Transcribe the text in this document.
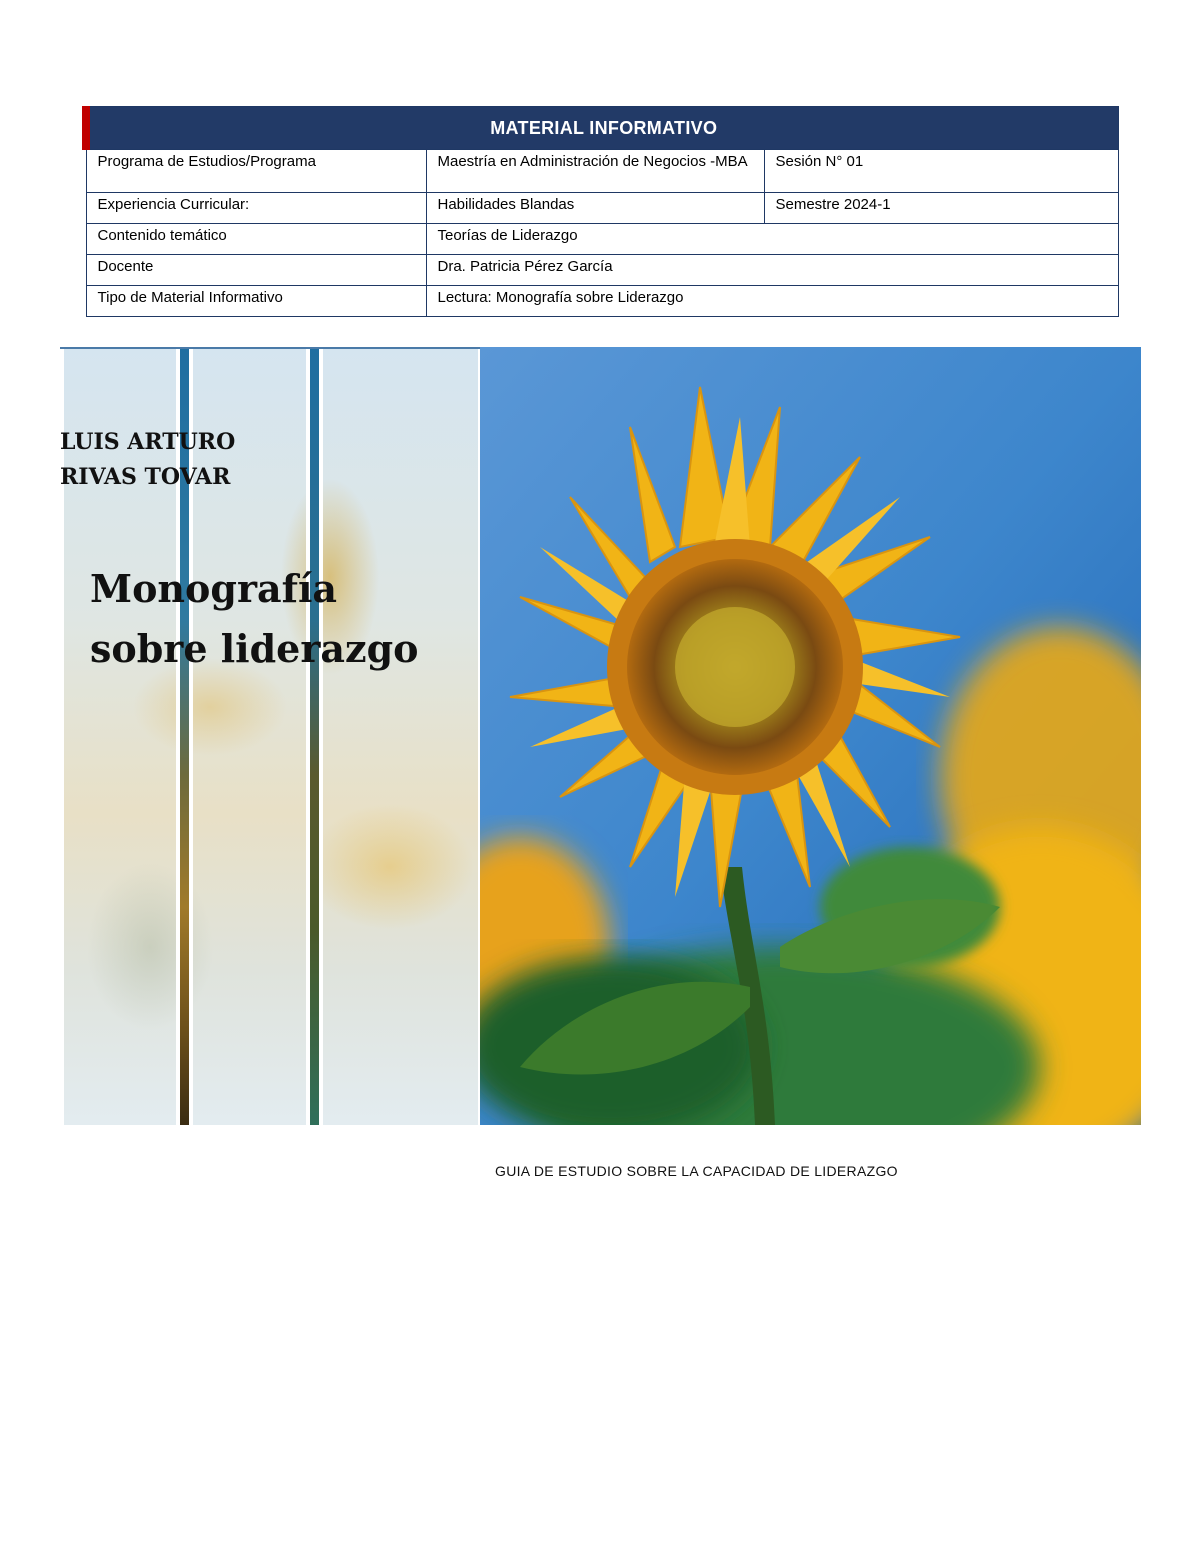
MATERIAL INFORMATIVO		
Programa de Estudios/Programa	Maestría en Administración de Negocios -MBA	Sesión N° 01
Experiencia Curricular:	Habilidades Blandas	Semestre 2024-1
Contenido temático	Teorías de Liderazgo	
Docente	Dra. Patricia Pérez García	
Tipo de Material Informativo	Lectura: Monografía sobre Liderazgo	
LUIS ARTURO
RIVAS TOVAR
Monografía
sobre liderazgo
GUIA DE ESTUDIO SOBRE LA CAPACIDAD DE LIDERAZGO
